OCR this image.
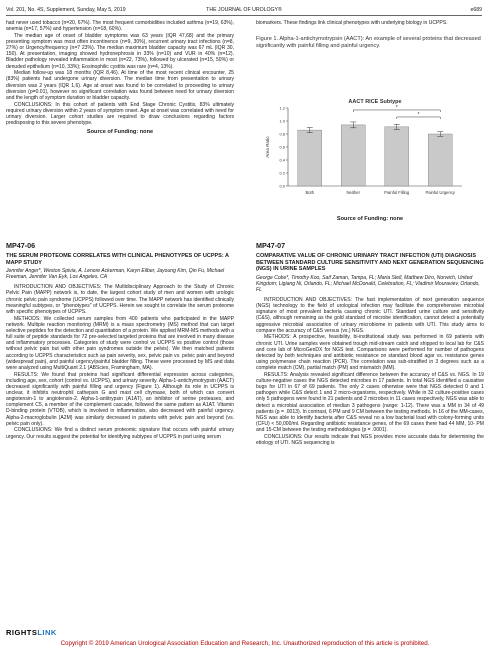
Vol. 201, No. 4S, Supplement, Sunday, May 5, 2019	THE JOURNAL OF UROLOGY®	e689

had never used tobacco (n=20, 67%). The most frequent comorbidities included asthma (n=19, 63%), anemia (n=17, 57%) and hypertension (n=18, 60%).

The median age of onset of bladder symptoms was 63 years (IQR 47,68) and the primary presenting symptom was most often incontinence (n=9, 30%), recurrent urinary tract infections (n=8, 27%) or Urgency/frequency (n=7 23%). The median maximum bladder capacity was 67 mL (IQR 30, 150). At presentation, imaging showed hydronephrosis in 33% (n=10) and VUR in 40% (n=12). Bladder pathology revealed inflammation in most (n=22, 73%), followed by ulcerated (n=15, 50%) or denuded epithelium (n=10, 33%); Eosinophilic cystitis was rare (n=4, 13%).

Median follow-up was 18 months (IQR 8,46). At time of the most recent clinical encounter, 25 (83%) patients had undergone urinary diversion. The median time from presentation to urinary diversion was 2 years (IQR 1,6). Age at onset was found to be correlated to proceeding to urinary diversion (p=0.01), however no significant correlation was found between need for urinary diversion and the length of symptom duration or bladder capacity.

CONCLUSIONS: In this cohort of patients with End Stage Chronic Cystitis, 83% ultimately required urinary diversion within 2 years of symptom onset. Age at onset was correlated with need for urinary diversion. Larger cohort studies are required to draw conclusions regarding factors predisposing to this severe phenotype.

Source of Funding: none

MP47-06

THE SERUM PROTEOME CORRELATES WITH CLINICAL PHENOTYPES OF UCPPS: A MAPP STUDY

Jennifer Anger*, Weston Spivia, A. Lenore Ackerman, Karyn Eilber, Jayoung Kim, Qin Fu, Michael Freeman, Jennifer Van Eyk, Los Angeles, CA

INTRODUCTION AND OBJECTIVES: The Multidisciplinary Approach to the Study of Chronic Pelvic Pain (MAPP) network is, to date, the largest cohort study of men and women with urologic chronic pelvic pain syndrome (UCPPS) followed over time. The MAPP network has identified clinically meaningful subtypes, or "phenotypes" of UCPPS. Herein we sought to correlate the serum proteome with specific phenotypes of UCPPS.

METHODS: We collected serum samples from 400 patients who participated in the MAPP network. Multiple reaction monitoring (MRM) is a mass spectrometry (MS) method that can target selective peptides for the detection and quantitation of a protein. We applied MRM-MS methods with a full suite of peptide standards for 72 pre-selected targeted proteins that are involved in many disease and inflammatory processes. Categories of study were control vs UCPPS vs positive control (those without pelvic pain but with other pain syndromes outside the pelvis). We then matched patients according to UCPPS characteristics such as pain severity, sex, pelvic pain vs. pelvic pain and beyond (widespread pain), and painful urgency/painful bladder filling. These were processed by MS and data were analyzed using MultiQuant 2.1 (ABSciex, Framingham, MA).

RESULTS: We found that proteins had significant differential expression across categories, including age, sex, cohort (control vs. UCPPS), and urinary severity. Alpha-1-antichymotrypsin (AACT) decreased significantly with painful filling and urgency (Figure 1). Although its role in UCPPS is unclear, it inhibits neutrophil cathepsin G and mast cell chymase, both of which can convert angiotensin-1 to angiotensin-2. Alpha-1-antitrypsin (A1AT), an inhibitor of serine proteases, and complement C5, a member of the complement cascade, followed the same pattern as A1AT. Vitamin D-binding protein (VTDB), which is involved in inflammation, also decreased with painful urgency. Alpha-2-macroglobulin (A2M) was similarly decreased in patients with pelvic pain and beyond (vs. pelvic pain only).

CONCLUSIONS: We find a distinct serum proteomic signature that occurs with painful urinary urgency. Our results suggest the potential for identifying subtypes of UCPPS in part using serum

biomarkers. These findings link clinical phenotypes with underlying biology in UCPPS.

Figure 1. Alpha-1-antichymotrypsin (AACT): An example of several proteins that decreased significantly with painful filling and painful urgency.

AACT RICE Subtype
Area Ratio
0.0
0.2
0.4
0.6
0.8
1.0
1.2
Both	Neither	Painful Filling	Painful Urgency
*
*

Source of Funding: none

MP47-07

COMPARATIVE VALUE OF CHRONIC URINARY TRACT INFECTION (UTI) DIAGNOSIS BETWEEN STANDARD CULTURE SENSITIVITY AND NEXT GENERATION SEQUENCING (NGS) IN URINE SAMPLES

George Cobe*, Timothy Koo, Saif Zaman, Tampa, FL; Maria Stell, Matthew Diro, Norwich, United Kingdom; Ligiang Ni, Orlando, FL; Michael McDonald, Celebration, FL; Vladimir Mouraviev, Orlando, FL

INTRODUCTION AND OBJECTIVES: The fast implementation of next generation sequence (NGS) technology to the field of urological infection may facilitate the comprehensive microbial signature of most prevalent bacteria causing chronic UTI. Standard urine culture and sensitivity (C&S), although remaining as the gold standard of microbe identification, cannot detect a potentially aggressive microbial association of urinary microbiome in patients with UTI. This study aims to compare the accuracy of C&S versus (vs.) NGS.

METHODS: A prospective, feasibility, bi-institutional study was performed in 69 patients with chronic UTI. Urine samples were obtained trough mid-stream catch and shipped to local lab for C&S and core lab of MicroGenDX for NGS test. Comparisons were performed for number of pathogens detected by both techniques and antibiotic resistance on standard blood agar vs. resistance genes using polymerase chain reaction (PCR). The correlation was sub-stratified in 3 degrees such as a complete match (CM), partial match (PM) and mismatch (MM).

RESULTS: Analysis revealed significant difference between the accuracy of C&S vs. NGS. In 19 culture-negative cases the NGS detected microbes in 17 patients. In total NGS identified a causative bugs for UTI in 67 of 69 patients. The only 2 cases otherwise were that NGS detected 0 and 1 pathogen while C&S detect 1 and 2 micro-organisms, respectively. While in 32 culture-positive cases only 5 pathogens were found in 21 patients and 2 microbes in 11 cases respectively, NGS was able to detect a microbial association of median 3 pathogens (range: 1-12). There was a MM in 34 of 49 patients (p = .0013). In contrast, 6 PM and 9 CM between the testing methods. In 16 of the MM-cases, NGS was able to identify bacteria after C&S reveal no a low bacterial load with colony-forming units (CFU) < 50,000/ml. Regarding antibiotic resistance genes, of the 69 cases there had 44 MM, 10- PM and 15-CM between the testing methodologies (p = .0001).

CONCLUSIONS: Our results indicate that NGS provides more accurate data for determining the etiology of UTI. NGS sequencing is

RIGHTSLINK
Copyright © 2019 American Urological Association Education and Research, Inc. Unauthorized reproduction of this article is prohibited.
